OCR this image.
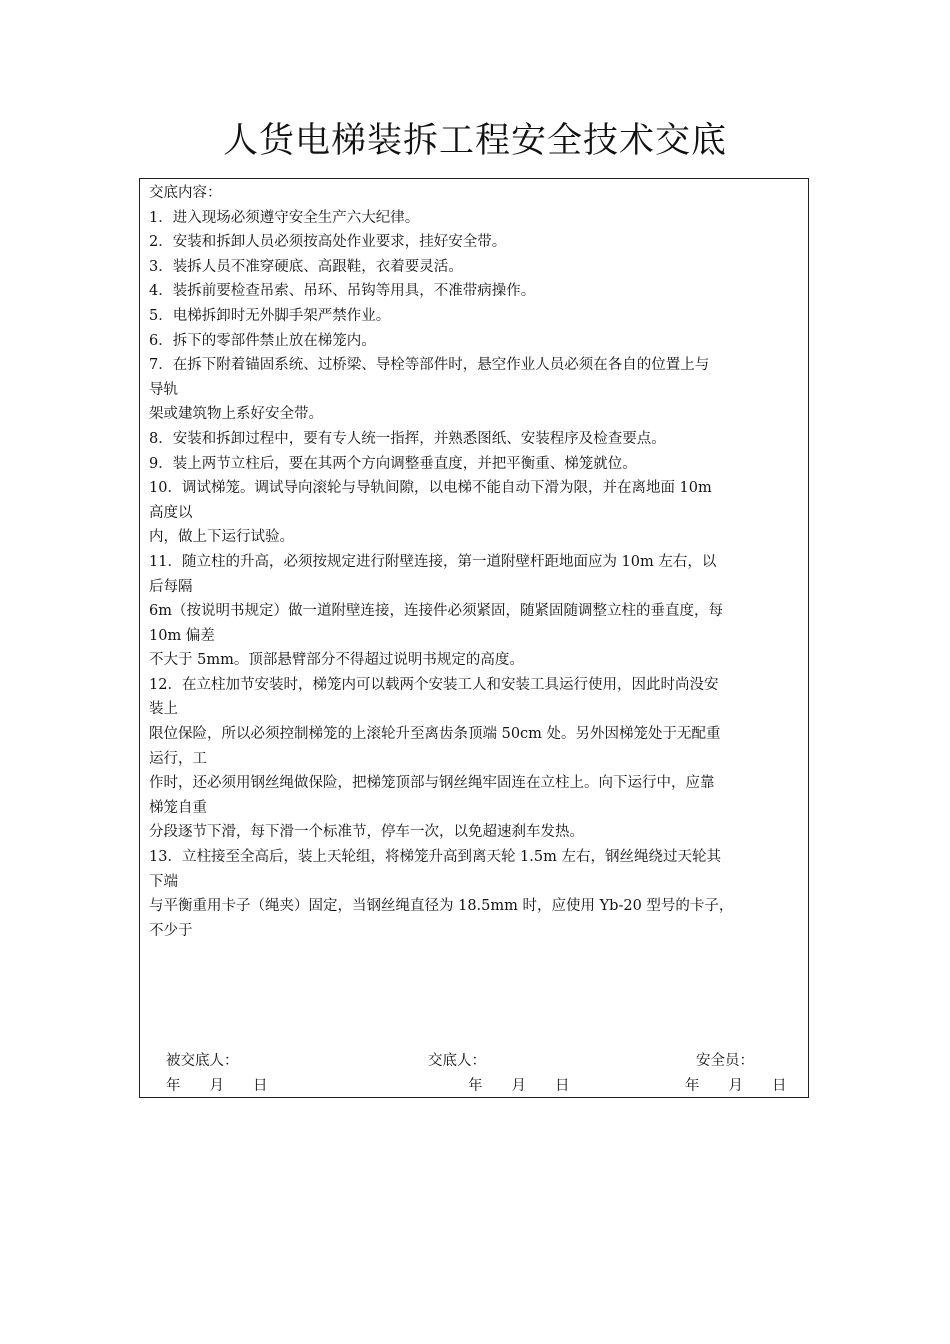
人货电梯装拆工程安全技术交底
交底内容：
1．进入现场必须遵守安全生产六大纪律。
2．安装和拆卸人员必须按高处作业要求，挂好安全带。
3．装拆人员不准穿硬底、高跟鞋，衣着要灵活。
4．装拆前要检查吊索、吊环、吊钩等用具，不准带病操作。
5．电梯拆卸时无外脚手架严禁作业。
6．拆下的零部件禁止放在梯笼内。
7．在拆下附着锚固系统、过桥梁、导栓等部件时，悬空作业人员必须在各自的位置上与
导轨
架或建筑物上系好安全带。
8．安装和拆卸过程中，要有专人统一指挥，并熟悉图纸、安装程序及检查要点。
9．装上两节立柱后，要在其两个方向调整垂直度，并把平衡重、梯笼就位。
10．调试梯笼。调试导向滚轮与导轨间隙，以电梯不能自动下滑为限，并在离地面 10m
高度以
内，做上下运行试验。
11．随立柱的升高，必须按规定进行附壁连接，第一道附壁杆距地面应为 10m 左右，以
后每隔
6m（按说明书规定）做一道附壁连接，连接件必须紧固，随紧固随调整立柱的垂直度，每
10m 偏差
不大于 5mm。顶部悬臂部分不得超过说明书规定的高度。
12．在立柱加节安装时，梯笼内可以载两个安装工人和安装工具运行使用，因此时尚没安
装上
限位保险，所以必须控制梯笼的上滚轮升至离齿条顶端 50cm 处。另外因梯笼处于无配重
运行，工
作时，还必须用钢丝绳做保险，把梯笼顶部与钢丝绳牢固连在立柱上。向下运行中，应靠
梯笼自重
分段逐节下滑，每下滑一个标准节，停车一次，以免超速刹车发热。
13．立柱接至全高后，装上天轮组，将梯笼升高到离天轮 1.5m 左右，钢丝绳绕过天轮其
下端
与平衡重用卡子（绳夹）固定，当钢丝绳直径为 18.5mm 时，应使用 Yb-20 型号的卡子，
不少于
被交底人：	交底人：	安全员：
年　　月　　日	年　　月　　日	年　　月　　日
